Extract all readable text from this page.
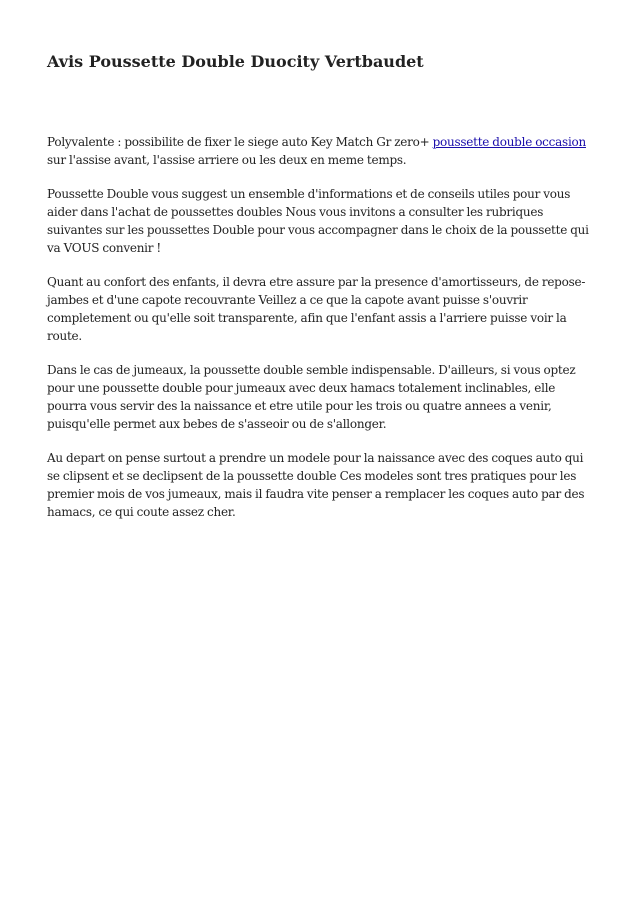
Avis Poussette Double Duocity Vertbaudet

Polyvalente : possibilite de fixer le siege auto Key Match Gr zero+ poussette double occasion sur l'assise avant, l'assise arriere ou les deux en meme temps.

Poussette Double vous suggest un ensemble d'informations et de conseils utiles pour vous aider dans l'achat de poussettes doubles Nous vous invitons a consulter les rubriques suivantes sur les poussettes Double pour vous accompagner dans le choix de la poussette qui va VOUS convenir !

Quant au confort des enfants, il devra etre assure par la presence d'amortisseurs, de repose-jambes et d'une capote recouvrante Veillez a ce que la capote avant puisse s'ouvrir completement ou qu'elle soit transparente, afin que l'enfant assis a l'arriere puisse voir la route.

Dans le cas de jumeaux, la poussette double semble indispensable. D'ailleurs, si vous optez pour une poussette double pour jumeaux avec deux hamacs totalement inclinables, elle pourra vous servir des la naissance et etre utile pour les trois ou quatre annees a venir, puisqu'elle permet aux bebes de s'asseoir ou de s'allonger.

Au depart on pense surtout a prendre un modele pour la naissance avec des coques auto qui se clipsent et se declipsent de la poussette double Ces modeles sont tres pratiques pour les premier mois de vos jumeaux, mais il faudra vite penser a remplacer les coques auto par des hamacs, ce qui coute assez cher.
